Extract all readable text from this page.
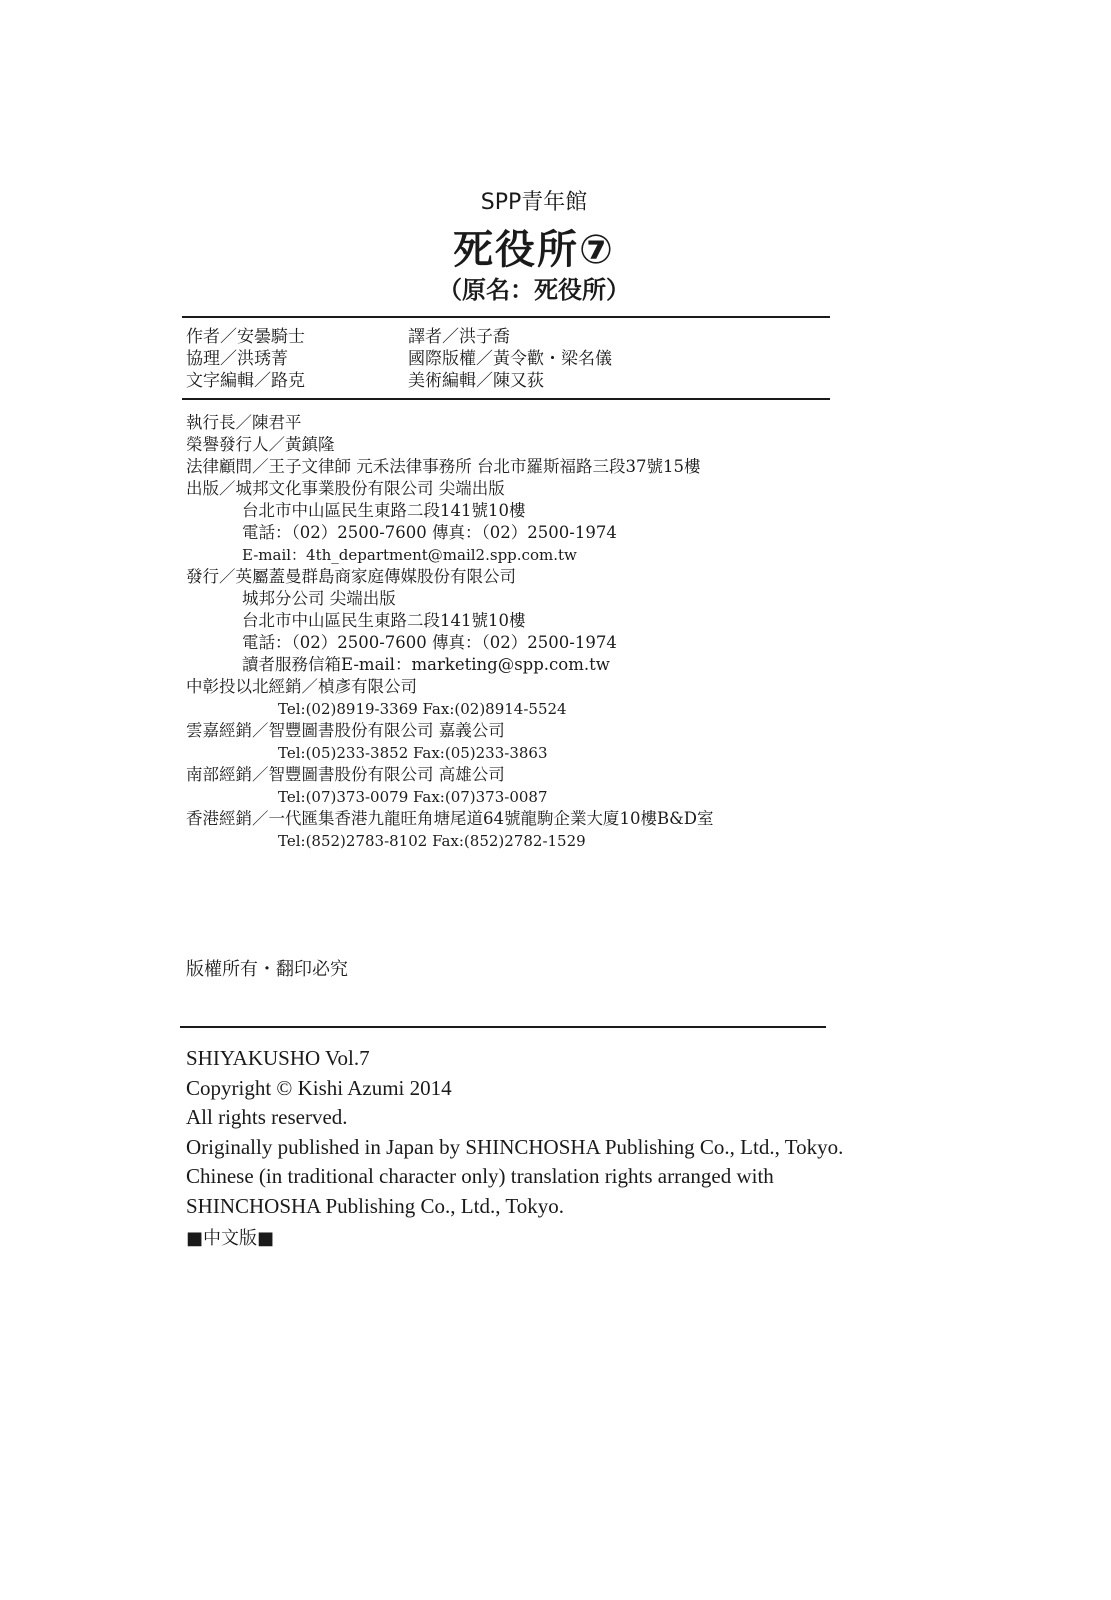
SPP青年館
死役所⑦
（原名：死役所）
作者／安曇騎士
協理／洪琇菁
文字編輯／路克
譯者／洪子喬
國際版權／黃令歡・梁名儀
美術編輯／陳又荻
執行長／陳君平
榮譽發行人／黃鎮隆
法律顧問／王子文律師 元禾法律事務所 台北市羅斯福路三段37號15樓
出版／城邦文化事業股份有限公司 尖端出版
台北市中山區民生東路二段141號10樓
電話：（02）2500-7600 傳真：（02）2500-1974
E-mail：4th_department@mail2.spp.com.tw
發行／英屬蓋曼群島商家庭傳媒股份有限公司
城邦分公司 尖端出版
台北市中山區民生東路二段141號10樓
電話：（02）2500-7600 傳真：（02）2500-1974
讀者服務信箱E-mail：marketing@spp.com.tw
中彰投以北經銷／楨彥有限公司
Tel:(02)8919-3369 Fax:(02)8914-5524
雲嘉經銷／智豐圖書股份有限公司 嘉義公司
Tel:(05)233-3852 Fax:(05)233-3863
南部經銷／智豐圖書股份有限公司 高雄公司
Tel:(07)373-0079 Fax:(07)373-0087
香港經銷／一代匯集香港九龍旺角塘尾道64號龍駒企業大廈10樓B&D室
Tel:(852)2783-8102 Fax:(852)2782-1529
版權所有・翻印必究
SHIYAKUSHO Vol.7
Copyright © Kishi Azumi 2014
All rights reserved.
Originally published in Japan by SHINCHOSHA Publishing Co., Ltd., Tokyo.
Chinese (in traditional character only) translation rights arranged with
SHINCHOSHA Publishing Co., Ltd., Tokyo.
■中文版■
